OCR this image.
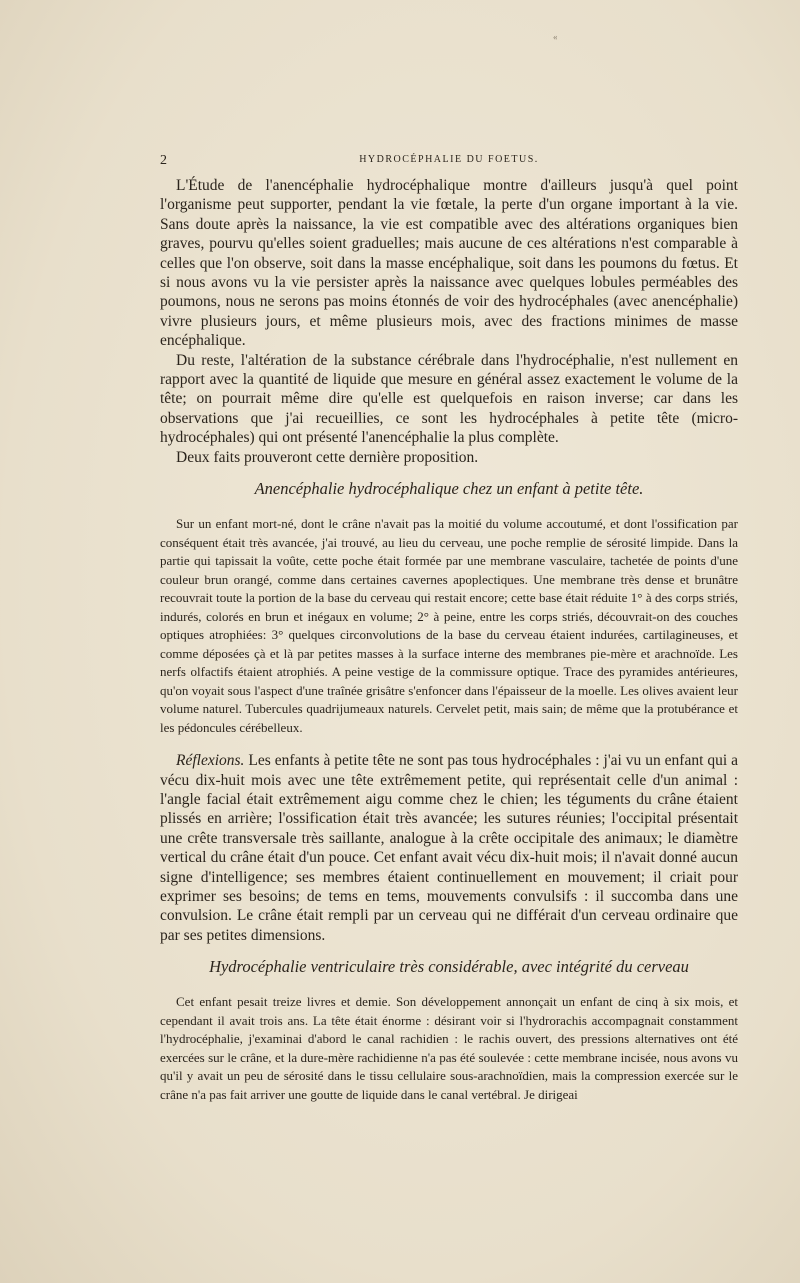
«
2	HYDROCÉPHALIE DU FOETUS.

L'Étude de l'anencéphalie hydrocéphalique montre d'ailleurs jusqu'à quel point l'organisme peut supporter, pendant la vie fœtale, la perte d'un organe important à la vie. Sans doute après la naissance, la vie est compatible avec des altérations organiques bien graves, pourvu qu'elles soient graduelles; mais aucune de ces altérations n'est comparable à celles que l'on observe, soit dans la masse encéphalique, soit dans les poumons du fœtus. Et si nous avons vu la vie persister après la naissance avec quelques lobules perméables des poumons, nous ne serons pas moins étonnés de voir des hydrocéphales (avec anencéphalie) vivre plusieurs jours, et même plusieurs mois, avec des fractions minimes de masse encéphalique.

Du reste, l'altération de la substance cérébrale dans l'hydrocéphalie, n'est nullement en rapport avec la quantité de liquide que mesure en général assez exactement le volume de la tête; on pourrait même dire qu'elle est quelquefois en raison inverse; car dans les observations que j'ai recueillies, ce sont les hydrocéphales à petite tête (micro-hydrocéphales) qui ont présenté l'anencéphalie la plus complète.

Deux faits prouveront cette dernière proposition.

Anencéphalie hydrocéphalique chez un enfant à petite tête.

Sur un enfant mort-né, dont le crâne n'avait pas la moitié du volume accoutumé, et dont l'ossification par conséquent était très avancée, j'ai trouvé, au lieu du cerveau, une poche remplie de sérosité limpide. Dans la partie qui tapissait la voûte, cette poche était formée par une membrane vasculaire, tachetée de points d'une couleur brun orangé, comme dans certaines cavernes apoplectiques. Une membrane très dense et brunâtre recouvrait toute la portion de la base du cerveau qui restait encore; cette base était réduite 1° à des corps striés, indurés, colorés en brun et inégaux en volume; 2° à peine, entre les corps striés, découvrait-on des couches optiques atrophiées: 3° quelques circonvolutions de la base du cerveau étaient indurées, cartilagineuses, et comme déposées çà et là par petites masses à la surface interne des membranes pie-mère et arachnoïde. Les nerfs olfactifs étaient atrophiés. A peine vestige de la commissure optique. Trace des pyramides antérieures, qu'on voyait sous l'aspect d'une traînée grisâtre s'enfoncer dans l'épaisseur de la moelle. Les olives avaient leur volume naturel. Tubercules quadrijumeaux naturels. Cervelet petit, mais sain; de même que la protubérance et les pédoncules cérébelleux.

Réflexions. Les enfants à petite tête ne sont pas tous hydrocéphales : j'ai vu un enfant qui a vécu dix-huit mois avec une tête extrêmement petite, qui représentait celle d'un animal : l'angle facial était extrêmement aigu comme chez le chien; les téguments du crâne étaient plissés en arrière; l'ossification était très avancée; les sutures réunies; l'occipital présentait une crête transversale très saillante, analogue à la crête occipitale des animaux; le diamètre vertical du crâne était d'un pouce. Cet enfant avait vécu dix-huit mois; il n'avait donné aucun signe d'intelligence; ses membres étaient continuellement en mouvement; il criait pour exprimer ses besoins; de tems en tems, mouvements convulsifs : il succomba dans une convulsion. Le crâne était rempli par un cerveau qui ne différait d'un cerveau ordinaire que par ses petites dimensions.

Hydrocéphalie ventriculaire très considérable, avec intégrité du cerveau

Cet enfant pesait treize livres et demie. Son développement annonçait un enfant de cinq à six mois, et cependant il avait trois ans. La tête était énorme : désirant voir si l'hydrorachis accompagnait constamment l'hydrocéphalie, j'examinai d'abord le canal rachidien : le rachis ouvert, des pressions alternatives ont été exercées sur le crâne, et la dure-mère rachidienne n'a pas été soulevée : cette membrane incisée, nous avons vu qu'il y avait un peu de sérosité dans le tissu cellulaire sous-arachnoïdien, mais la compression exercée sur le crâne n'a pas fait arriver une goutte de liquide dans le canal vertébral. Je dirigeai
